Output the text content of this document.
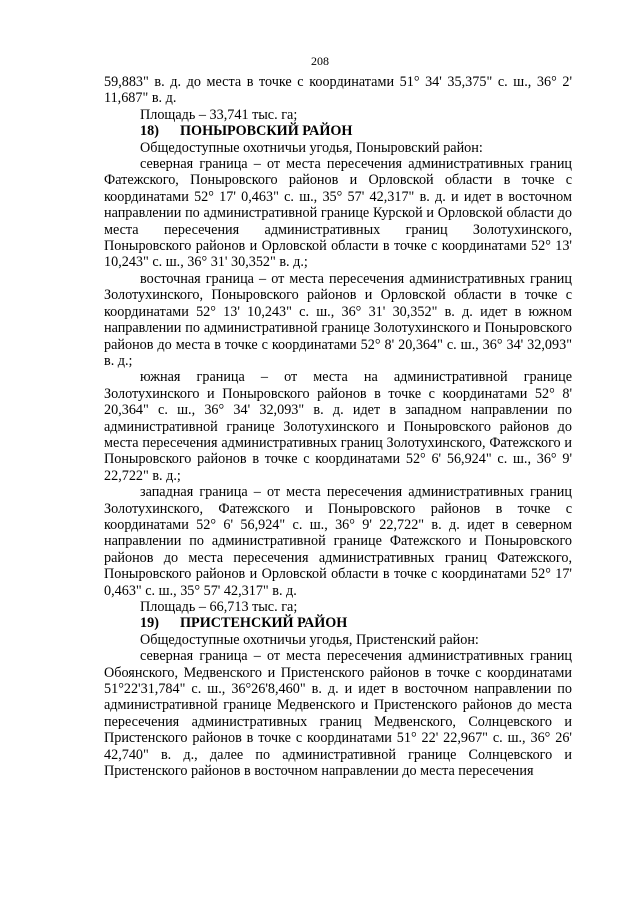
208

59,883" в. д. до места в точке с координатами 51° 34' 35,375" с. ш., 36° 2' 11,687" в. д.

Площадь – 33,741 тыс. га;

18) ПОНЫРОВСКИЙ РАЙОН

Общедоступные охотничьи угодья, Поныровский район:

северная граница – от места пересечения административных границ Фатежского, Поныровского районов и Орловской области в точке с координатами 52° 17' 0,463" с. ш., 35° 57' 42,317" в. д. и идет в восточном направлении по административной границе Курской и Орловской области до места пересечения административных границ Золотухинского, Поныровского районов и Орловской области в точке с координатами 52° 13' 10,243" с. ш., 36° 31' 30,352" в. д.;

восточная граница – от места пересечения административных границ Золотухинского, Поныровского районов и Орловской области в точке с координатами 52° 13' 10,243" с. ш., 36° 31' 30,352" в. д. идет в южном направлении по административной границе Золотухинского и Поныровского районов до места в точке с координатами 52° 8' 20,364" с. ш., 36° 34' 32,093" в. д.;

южная граница – от места на административной границе Золотухинского и Поныровского районов в точке с координатами 52° 8' 20,364" с. ш., 36° 34' 32,093" в. д. идет в западном направлении по административной границе Золотухинского и Поныровского районов до места пересечения административных границ Золотухинского, Фатежского и Поныровского районов в точке с координатами 52° 6' 56,924" с. ш., 36° 9' 22,722" в. д.;

западная граница – от места пересечения административных границ Золотухинского, Фатежского и Поныровского районов в точке с координатами 52° 6' 56,924" с. ш., 36° 9' 22,722" в. д. идет в северном направлении по административной границе Фатежского и Поныровского районов до места пересечения административных границ Фатежского, Поныровского районов и Орловской области в точке с координатами 52° 17' 0,463" с. ш., 35° 57' 42,317" в. д.

Площадь – 66,713 тыс. га;

19) ПРИСТЕНСКИЙ РАЙОН

Общедоступные охотничьи угодья, Пристенский район:

северная граница – от места пересечения административных границ Обоянского, Медвенского и Пристенского районов в точке с координатами 51°22'31,784" с. ш., 36°26'8,460" в. д. и идет в восточном направлении по административной границе Медвенского и Пристенского районов до места пересечения административных границ Медвенского, Солнцевского и Пристенского районов в точке с координатами 51° 22' 22,967" с. ш., 36° 26' 42,740" в. д., далее по административной границе Солнцевского и Пристенского районов в восточном направлении до места пересечения
